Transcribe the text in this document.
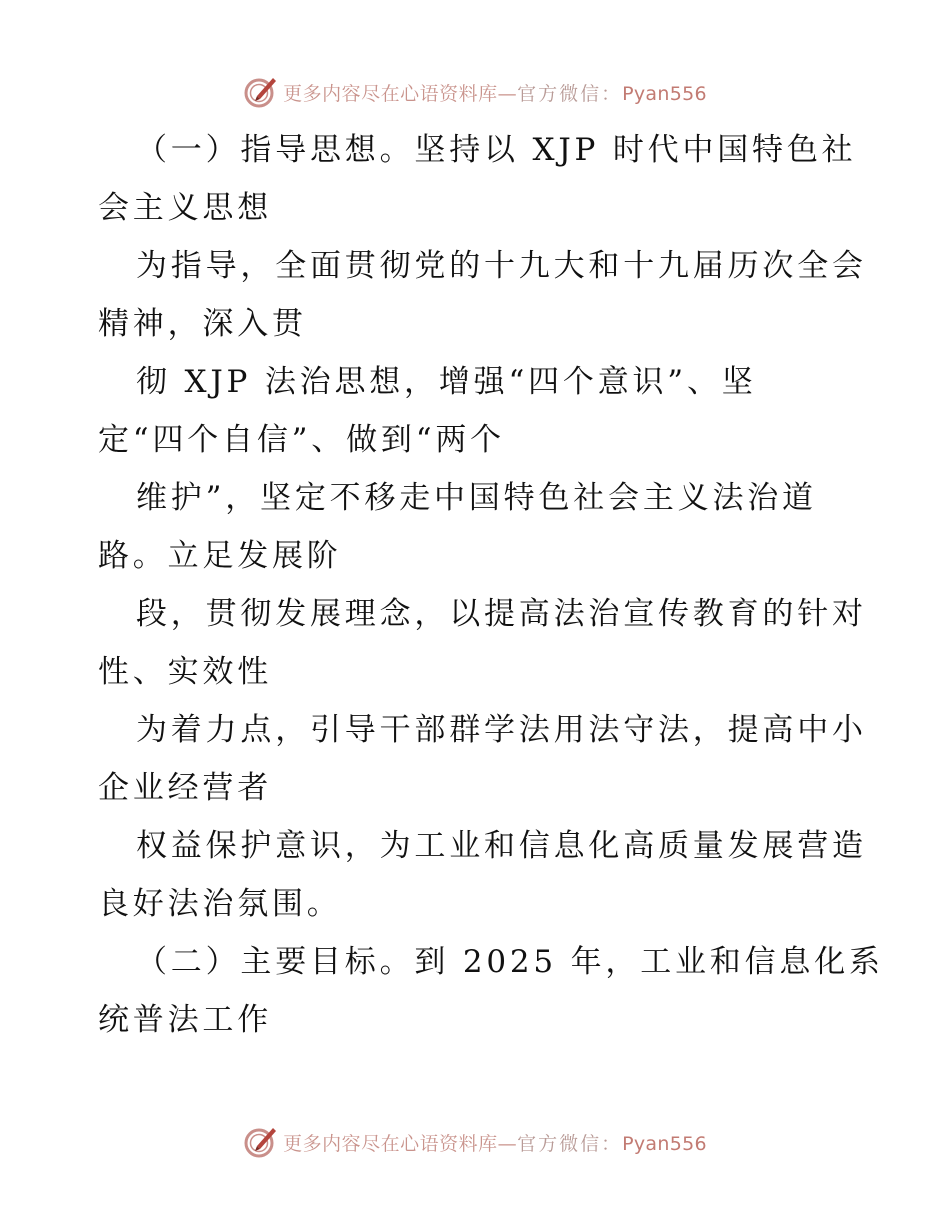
更多内容尽在心语资料库—官方微信：Pyan556
（一）指导思想。坚持以 XJP 时代中国特色社
会主义思想
为指导，全面贯彻党的十九大和十九届历次全会
精神，深入贯
彻 XJP 法治思想，增强“四个意识”、坚
定“四个自信”、做到“两个
维护”，坚定不移走中国特色社会主义法治道
路。立足发展阶
段，贯彻发展理念，以提高法治宣传教育的针对
性、实效性
为着力点，引导干部群学法用法守法，提高中小
企业经营者
权益保护意识，为工业和信息化高质量发展营造
良好法治氛围。
（二）主要目标。到 2025 年，工业和信息化系
统普法工作
更多内容尽在心语资料库—官方微信：Pyan556
